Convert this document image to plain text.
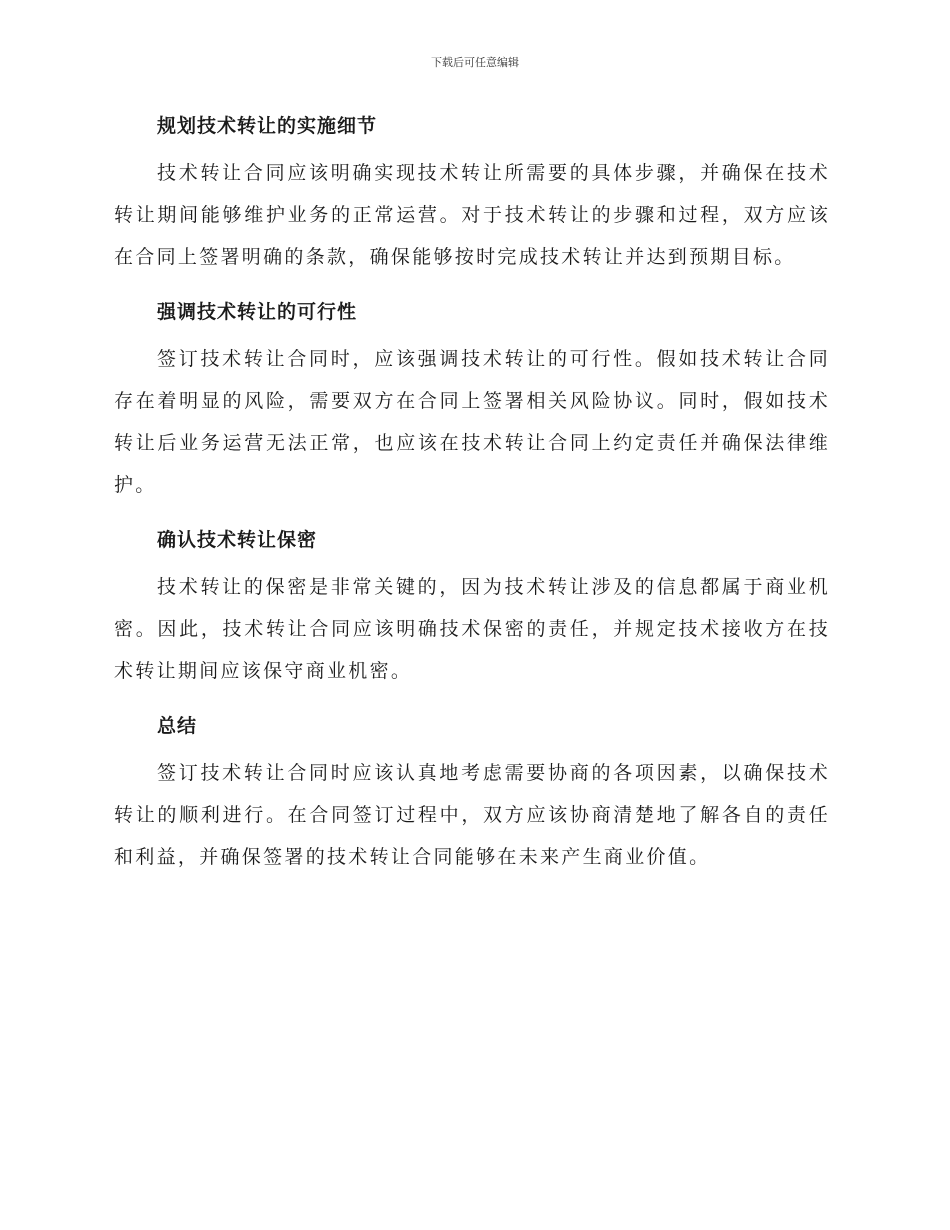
下载后可任意编辑
规划技术转让的实施细节
技术转让合同应该明确实现技术转让所需要的具体步骤，并确保在技术转让期间能够维护业务的正常运营。对于技术转让的步骤和过程，双方应该在合同上签署明确的条款，确保能够按时完成技术转让并达到预期目标。
强调技术转让的可行性
签订技术转让合同时，应该强调技术转让的可行性。假如技术转让合同存在着明显的风险，需要双方在合同上签署相关风险协议。同时，假如技术转让后业务运营无法正常，也应该在技术转让合同上约定责任并确保法律维护。
确认技术转让保密
技术转让的保密是非常关键的，因为技术转让涉及的信息都属于商业机密。因此，技术转让合同应该明确技术保密的责任，并规定技术接收方在技术转让期间应该保守商业机密。
总结
签订技术转让合同时应该认真地考虑需要协商的各项因素，以确保技术转让的顺利进行。在合同签订过程中，双方应该协商清楚地了解各自的责任和利益，并确保签署的技术转让合同能够在未来产生商业价值。
